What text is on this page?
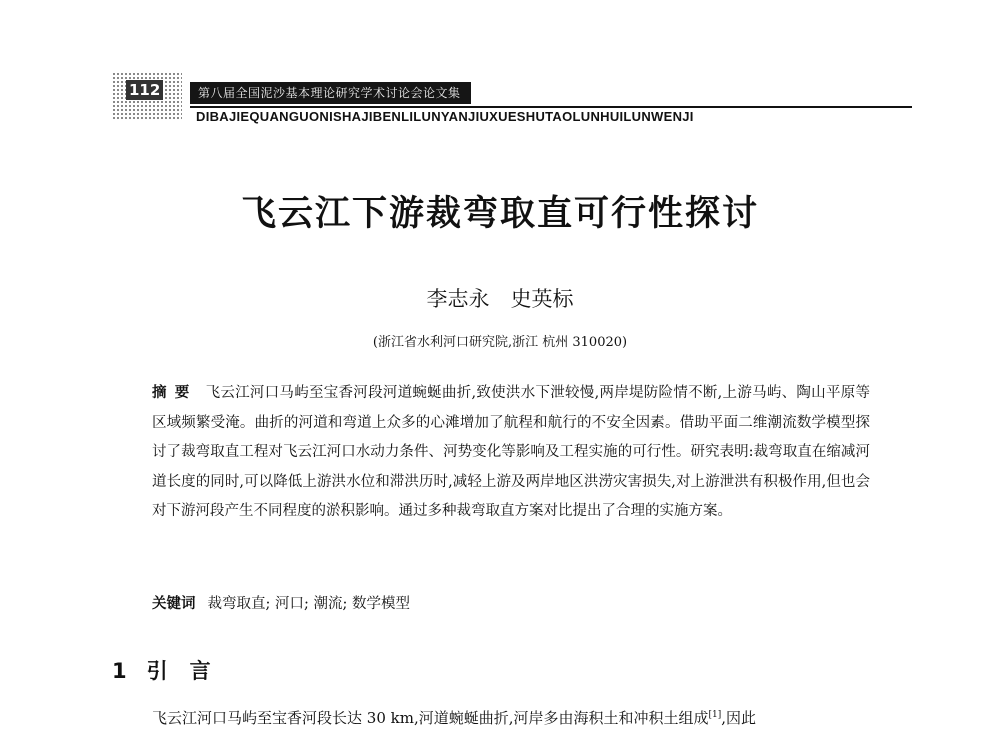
112	第八届全国泥沙基本理论研究学术讨论会论文集
DIBAJIEQUANGUONISHAJIBENLILUNYANJIUXUESHUTAOLUNHUILUNWENJI
飞云江下游裁弯取直可行性探讨
李志永　史英标
(浙江省水利河口研究院,浙江 杭州 310020)
摘要 飞云江河口马屿至宝香河段河道蜿蜒曲折,致使洪水下泄较慢,两岸堤防险情不断,上游马屿、陶山平原等区域频繁受淹。曲折的河道和弯道上众多的心滩增加了航程和航行的不安全因素。借助平面二维潮流数学模型探讨了裁弯取直工程对飞云江河口水动力条件、河势变化等影响及工程实施的可行性。研究表明:裁弯取直在缩减河道长度的同时,可以降低上游洪水位和滞洪历时,减轻上游及两岸地区洪涝灾害损失,对上游泄洪有积极作用,但也会对下游河段产生不同程度的淤积影响。通过多种裁弯取直方案对比提出了合理的实施方案。
关键词 裁弯取直; 河口; 潮流; 数学模型
1 引言
飞云江河口马屿至宝香河段长达 30 km,河道蜿蜒曲折,河岸多由海积土和冲积土组成[1],因此
